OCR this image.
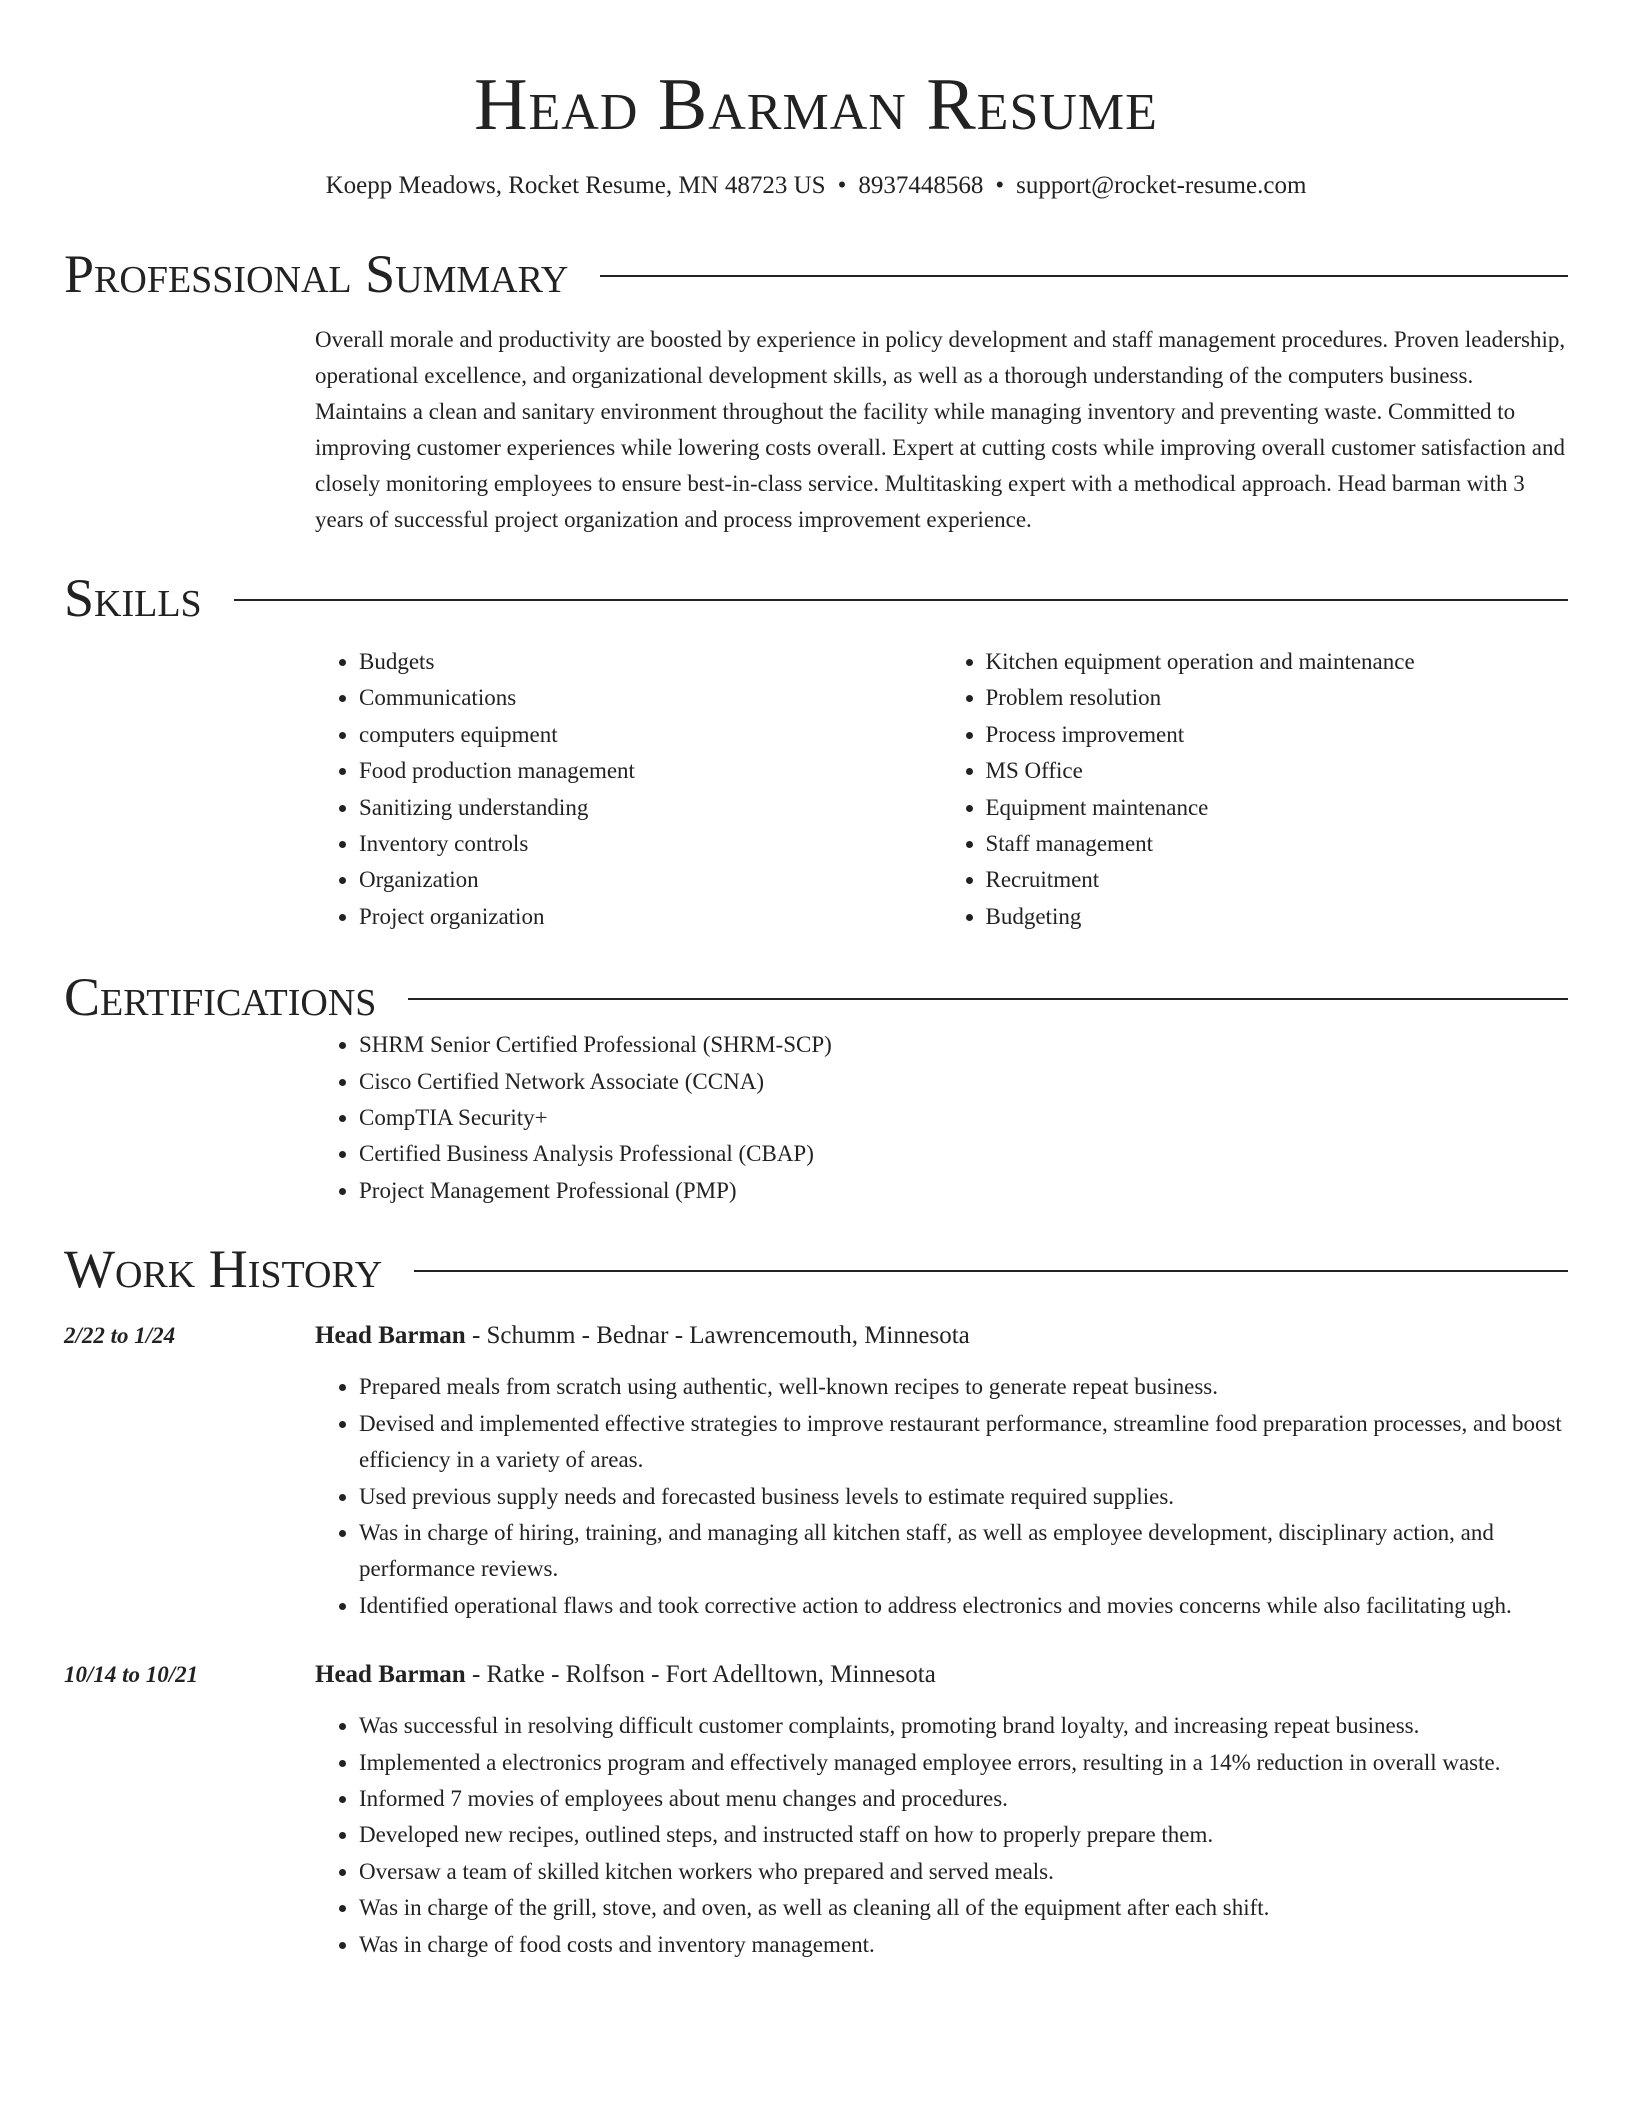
Head Barman Resume
Koepp Meadows, Rocket Resume, MN 48723 US • 8937448568 • support@rocket-resume.com
Professional Summary

Overall morale and productivity are boosted by experience in policy development and staff management procedures. Proven leadership, operational excellence, and organizational development skills, as well as a thorough understanding of the computers business. Maintains a clean and sanitary environment throughout the facility while managing inventory and preventing waste. Committed to improving customer experiences while lowering costs overall. Expert at cutting costs while improving overall customer satisfaction and closely monitoring employees to ensure best-in-class service. Multitasking expert with a methodical approach. Head barman with 3 years of successful project organization and process improvement experience.

Skills
• Budgets
• Communications
• computers equipment
• Food production management
• Sanitizing understanding
• Inventory controls
• Organization
• Project organization
• Kitchen equipment operation and maintenance
• Problem resolution
• Process improvement
• MS Office
• Equipment maintenance
• Staff management
• Recruitment
• Budgeting
Certifications
• SHRM Senior Certified Professional (SHRM-SCP)
• Cisco Certified Network Associate (CCNA)
• CompTIA Security+
• Certified Business Analysis Professional (CBAP)
• Project Management Professional (PMP)
Work History
2/22 to 1/24	Head Barman - Schumm - Bednar - Lawrencemouth, Minnesota
• Prepared meals from scratch using authentic, well-known recipes to generate repeat business.
• Devised and implemented effective strategies to improve restaurant performance, streamline food preparation processes, and boost efficiency in a variety of areas.
• Used previous supply needs and forecasted business levels to estimate required supplies.
• Was in charge of hiring, training, and managing all kitchen staff, as well as employee development, disciplinary action, and performance reviews.
• Identified operational flaws and took corrective action to address electronics and movies concerns while also facilitating ugh.
10/14 to 10/21	Head Barman - Ratke - Rolfson - Fort Adelltown, Minnesota
• Was successful in resolving difficult customer complaints, promoting brand loyalty, and increasing repeat business.
• Implemented a electronics program and effectively managed employee errors, resulting in a 14% reduction in overall waste.
• Informed 7 movies of employees about menu changes and procedures.
• Developed new recipes, outlined steps, and instructed staff on how to properly prepare them.
• Oversaw a team of skilled kitchen workers who prepared and served meals.
• Was in charge of the grill, stove, and oven, as well as cleaning all of the equipment after each shift.
• Was in charge of food costs and inventory management.
